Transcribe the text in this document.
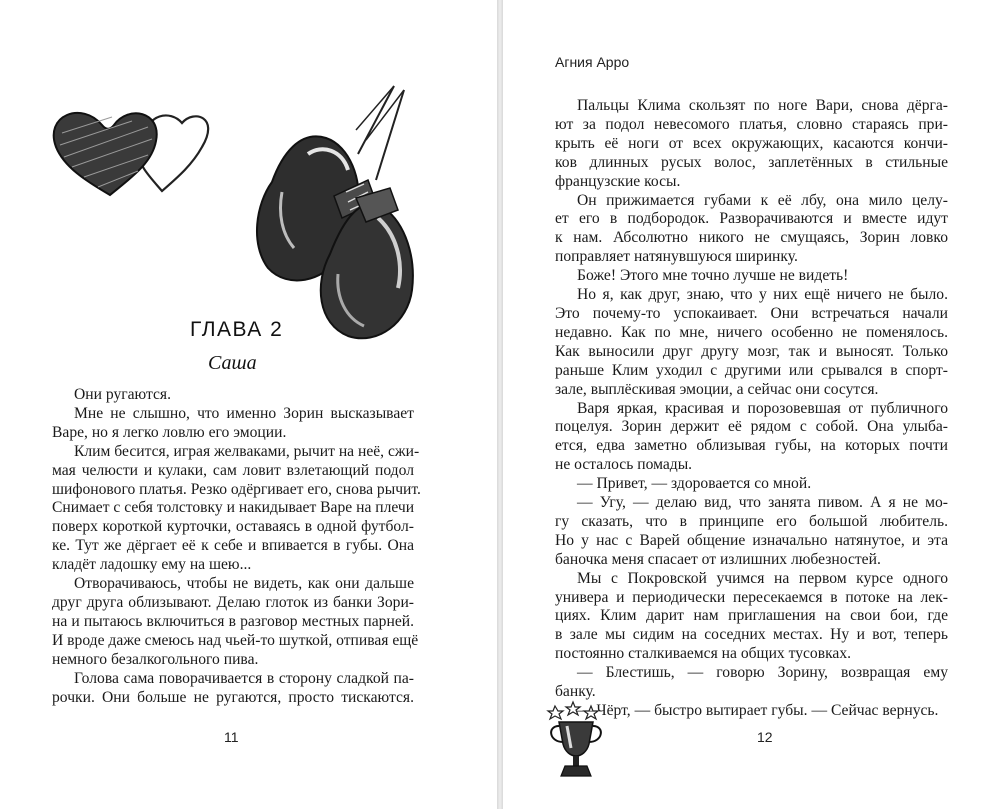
ГЛАВА 2
Саша
Они ругаются.
Мне не слышно, что именно Зорин высказывает
Варе, но я легко ловлю его эмоции.
Клим бесится, играя желваками, рычит на неё, сжи-
мая челюсти и кулаки, сам ловит взлетающий подол
шифонового платья. Резко одёргивает его, снова рычит.
Снимает с себя толстовку и накидывает Варе на плечи
поверх короткой курточки, оставаясь в одной футбол-
ке. Тут же дёргает её к себе и впивается в губы. Она
кладёт ладошку ему на шею...
Отворачиваюсь, чтобы не видеть, как они дальше
друг друга облизывают. Делаю глоток из банки Зори-
на и пытаюсь включиться в разговор местных парней.
И вроде даже смеюсь над чьей-то шуткой, отпивая ещё
немного безалкогольного пива.
Голова сама поворачивается в сторону сладкой па-
рочки. Они больше не ругаются, просто тискаются.
11
Агния Арро
Пальцы Клима скользят по ноге Вари, снова дёрга-
ют за подол невесомого платья, словно стараясь при-
крыть её ноги от всех окружающих, касаются кончи-
ков длинных русых волос, заплетённых в стильные
французские косы.
Он прижимается губами к её лбу, она мило целу-
ет его в подбородок. Разворачиваются и вместе идут
к нам. Абсолютно никого не смущаясь, Зорин ловко
поправляет натянувшуюся ширинку.
Боже! Этого мне точно лучше не видеть!
Но я, как друг, знаю, что у них ещё ничего не было.
Это почему-то успокаивает. Они встречаться начали
недавно. Как по мне, ничего особенно не поменялось.
Как выносили друг другу мозг, так и выносят. Только
раньше Клим уходил с другими или срывался в спорт-
зале, выплёскивая эмоции, а сейчас они сосутся.
Варя яркая, красивая и порозовевшая от публичного
поцелуя. Зорин держит её рядом с собой. Она улыба-
ется, едва заметно облизывая губы, на которых почти
не осталось помады.
— Привет, — здоровается со мной.
— Угу, — делаю вид, что занята пивом. А я не мо-
гу сказать, что в принципе его большой любитель.
Но у нас с Варей общение изначально натянутое, и эта
баночка меня спасает от излишних любезностей.
Мы с Покровской учимся на первом курсе одного
универа и периодически пересекаемся в потоке на лек-
циях. Клим дарит нам приглашения на свои бои, где
в зале мы сидим на соседних местах. Ну и вот, теперь
постоянно сталкиваемся на общих тусовках.
— Блестишь, — говорю Зорину, возвращая ему
банку.
— Чёрт, — быстро вытирает губы. — Сейчас вернусь.
12
